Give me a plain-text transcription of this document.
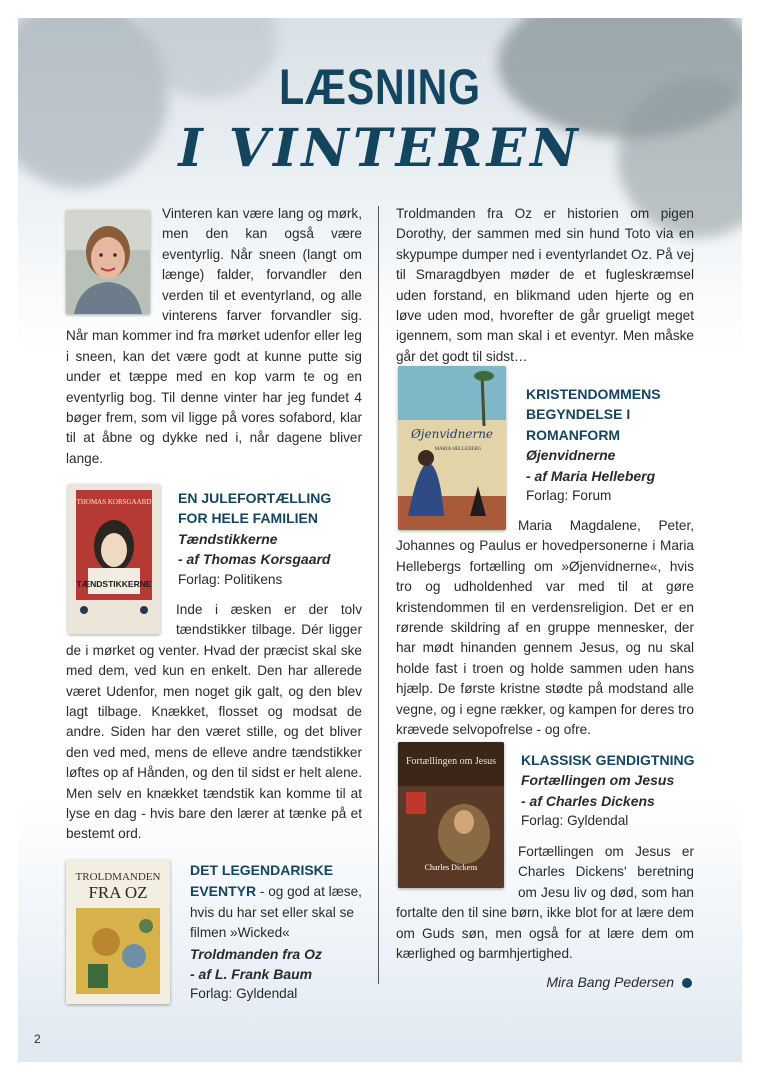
LÆSNING
I VINTEREN
Vinteren kan være lang og mørk, men den kan også være eventyrlig. Når sneen (langt om længe) falder, forvandler den verden til et eventyrland, og alle vinterens farver forvandler sig. Når man kommer ind fra mørket udenfor eller leg i sneen, kan det være godt at kunne putte sig under et tæppe med en kop varm te og en eventyrlig bog. Til denne vinter har jeg fundet 4 bøger frem, som vil ligge på vores sofabord, klar til at åbne og dykke ned i, når dagene bliver lange.
THOMAS KORSGAARD
TÆNDSTIKKERNE
EN JULEFORTÆLLING FOR HELE FAMILIEN
Tændstikkerne
- af Thomas Korsgaard
Forlag: Politikens
Inde i æsken er der tolv tændstikker tilbage. Dér ligger de i mørket og venter. Hvad der præcist skal ske med dem, ved kun en enkelt. Den har allerede været Udenfor, men noget gik galt, og den blev lagt tilbage. Knækket, flosset og modsat de andre. Siden har den været stille, og det bliver den ved med, mens de elleve andre tændstikker løftes op af Hånden, og den til sidst er helt alene. Men selv en knækket tændstik kan komme til at lyse en dag - hvis bare den lærer at tænke på et bestemt ord.
TROLDMANDEN
FRA OZ
DET LEGENDARISKE EVENTYR - og god at læse, hvis du har set eller skal se filmen »Wicked«
Troldmanden fra Oz
- af L. Frank Baum
Forlag: Gyldendal
Troldmanden fra Oz er historien om pigen Dorothy, der sammen med sin hund Toto via en skypumpe dumper ned i eventyrlandet Oz. På vej til Smaragdbyen møder de et fugleskræmsel uden forstand, en blikmand uden hjerte og en løve uden mod, hvorefter de går grueligt meget igennem, som man skal i et eventyr. Men måske går det godt til sidst…
Øjenvidnerne
MARIA HELLEBERG
KRISTENDOMMENS BEGYNDELSE I ROMANFORM
Øjenvidnerne
- af Maria Helleberg
Forlag: Forum
Maria Magdalene, Peter, Johannes og Paulus er hovedpersonerne i Maria Hellebergs fortælling om »Øjenvidnerne«, hvis tro og udholdenhed var med til at gøre kristendommen til en verdensreligion. Det er en rørende skildring af en gruppe mennesker, der har mødt hinanden gennem Jesus, og nu skal holde fast i troen og holde sammen uden hans hjælp. De første kristne stødte på modstand alle vegne, og i egne rækker, og kampen for deres tro krævede selvopofrelse - og ofre.
Fortællingen om Jesus
Charles Dickens
KLASSISK GENDIGTNING
Fortællingen om Jesus
- af Charles Dickens
Forlag: Gyldendal
Fortællingen om Jesus er Charles Dickens' beretning om Jesu liv og død, som han fortalte den til sine børn, ikke blot for at lære dem om Guds søn, men også for at lære dem om kærlighed og barmhjertighed.
Mira Bang Pedersen
2
